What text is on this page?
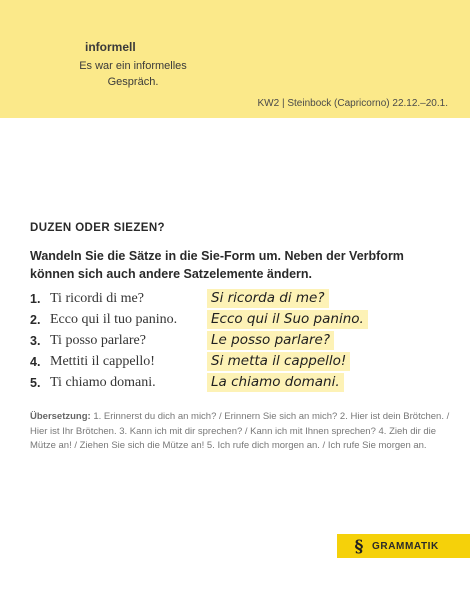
informell
Es war ein informelles Gespräch.
KW2 | Steinbock (Capricorno) 22.12.–20.1.
DUZEN ODER SIEZEN?
Wandeln Sie die Sätze in die Sie-Form um. Neben der Verbform können sich auch andere Satzelemente ändern.
1. Ti ricordi di me?	Si ricorda di me?
2. Ecco qui il tuo panino.	Ecco qui il Suo panino.
3. Ti posso parlare?	Le posso parlare?
4. Mettiti il cappello!	Si metta il cappello!
5. Ti chiamo domani.	La chiamo domani.
Übersetzung: 1. Erinnerst du dich an mich? / Erinnern Sie sich an mich? 2. Hier ist dein Brötchen. / Hier ist Ihr Brötchen. 3. Kann ich mit dir sprechen? / Kann ich mit Ihnen sprechen? 4. Zieh dir die Mütze an! / Ziehen Sie sich die Mütze an! 5. Ich rufe dich morgen an. / Ich rufe Sie morgen an.
§ GRAMMATIK
